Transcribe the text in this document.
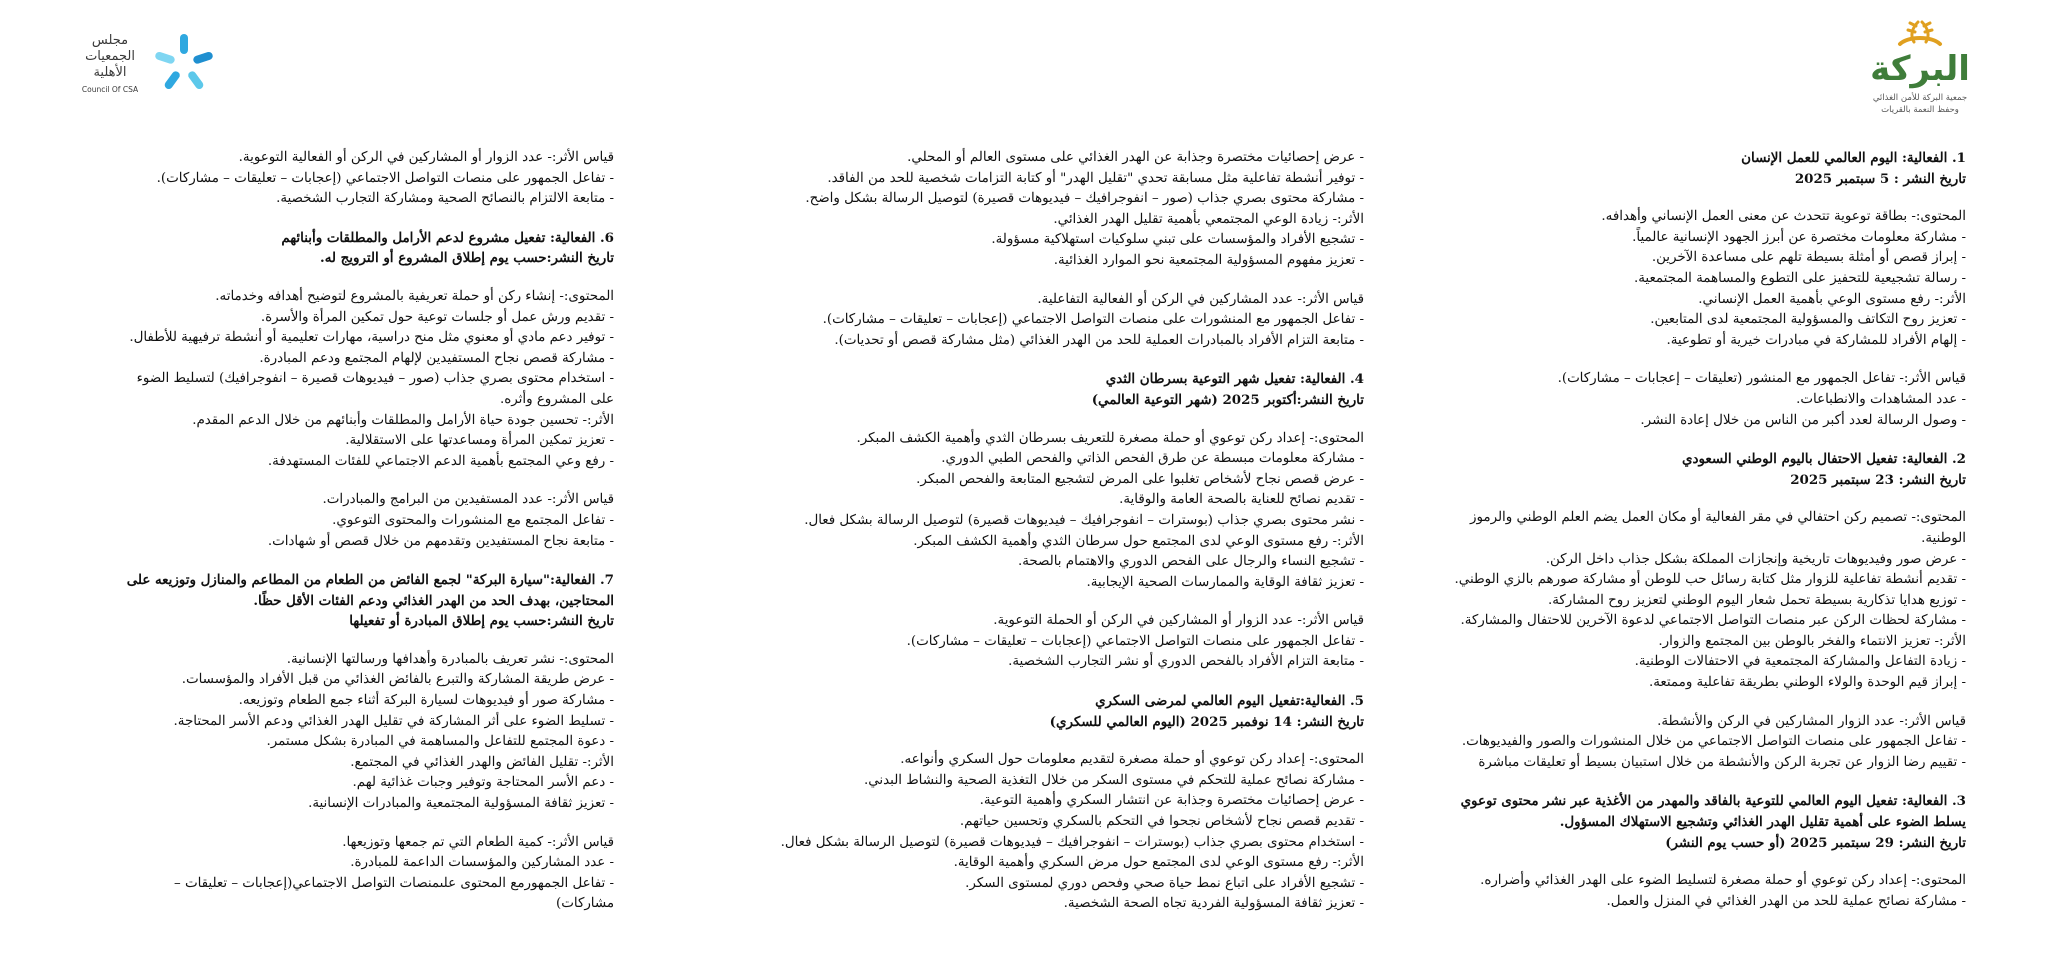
البركة
جمعية البركة للأمن الغذائي
وحفظ النعمة بالقريات
مجلس
الجمعيات
الأهلية
Council Of CSA

1. الفعالية: اليوم العالمي للعمل الإنسان

تاريخ النشر : 5 سبتمبر 2025

المحتوى:- بطاقة توعوية تتحدث عن معنى العمل الإنساني وأهدافه.

- مشاركة معلومات مختصرة عن أبرز الجهود الإنسانية عالمياً.

- إبراز قصص أو أمثلة بسيطة تلهم على مساعدة الآخرين.

- رسالة تشجيعية للتحفيز على التطوع والمساهمة المجتمعية.

الأثر:- رفع مستوى الوعي بأهمية العمل الإنساني.

- تعزيز روح التكاتف والمسؤولية المجتمعية لدى المتابعين.

- إلهام الأفراد للمشاركة في مبادرات خيرية أو تطوعية.

قياس الأثر:- تفاعل الجمهور مع المنشور (تعليقات – إعجابات – مشاركات).

- عدد المشاهدات والانطباعات.

- وصول الرسالة لعدد أكبر من الناس من خلال إعادة النشر.

2. الفعالية: تفعيل الاحتفال باليوم الوطني السعودي

تاريخ النشر: 23 سبتمبر 2025

المحتوى:- تصميم ركن احتفالي في مقر الفعالية أو مكان العمل يضم العلم الوطني والرموز الوطنية.

- عرض صور وفيديوهات تاريخية وإنجازات المملكة بشكل جذاب داخل الركن.

- تقديم أنشطة تفاعلية للزوار مثل كتابة رسائل حب للوطن أو مشاركة صورهم بالزي الوطني.

- توزيع هدايا تذكارية بسيطة تحمل شعار اليوم الوطني لتعزيز روح المشاركة.

- مشاركة لحظات الركن عبر منصات التواصل الاجتماعي لدعوة الآخرين للاحتفال والمشاركة.

الأثر:- تعزيز الانتماء والفخر بالوطن بين المجتمع والزوار.

- زيادة التفاعل والمشاركة المجتمعية في الاحتفالات الوطنية.

- إبراز قيم الوحدة والولاء الوطني بطريقة تفاعلية وممتعة.

قياس الأثر:- عدد الزوار المشاركين في الركن والأنشطة.

- تفاعل الجمهور على منصات التواصل الاجتماعي من خلال المنشورات والصور والفيديوهات.

- تقييم رضا الزوار عن تجربة الركن والأنشطة من خلال استبيان بسيط أو تعليقات مباشرة

3. الفعالية: تفعيل اليوم العالمي للتوعية بالفاقد والمهدر من الأغذية عبر نشر محتوى توعوي

يسلط الضوء على أهمية تقليل الهدر الغذائي وتشجيع الاستهلاك المسؤول.

تاريخ النشر: 29 سبتمبر 2025 (أو حسب يوم النشر)

المحتوى:- إعداد ركن توعوي أو حملة مصغرة لتسليط الضوء على الهدر الغذائي وأضراره.

- مشاركة نصائح عملية للحد من الهدر الغذائي في المنزل والعمل.

- عرض إحصائيات مختصرة وجذابة عن الهدر الغذائي على مستوى العالم أو المحلي.

- توفير أنشطة تفاعلية مثل مسابقة تحدي "تقليل الهدر" أو كتابة التزامات شخصية للحد من الفاقد.

- مشاركة محتوى بصري جذاب (صور – انفوجرافيك – فيديوهات قصيرة) لتوصيل الرسالة بشكل واضح.

الأثر:- زيادة الوعي المجتمعي بأهمية تقليل الهدر الغذائي.

- تشجيع الأفراد والمؤسسات على تبني سلوكيات استهلاكية مسؤولة.

- تعزيز مفهوم المسؤولية المجتمعية نحو الموارد الغذائية.

قياس الأثر:- عدد المشاركين في الركن أو الفعالية التفاعلية.

- تفاعل الجمهور مع المنشورات على منصات التواصل الاجتماعي (إعجابات – تعليقات – مشاركات).

- متابعة التزام الأفراد بالمبادرات العملية للحد من الهدر الغذائي (مثل مشاركة قصص أو تحديات).

4. الفعالية: تفعيل شهر التوعية بسرطان الثدي

تاريخ النشر:أكتوبر 2025 (شهر التوعية العالمي)

المحتوى:- إعداد ركن توعوي أو حملة مصغرة للتعريف بسرطان الثدي وأهمية الكشف المبكر.

- مشاركة معلومات مبسطة عن طرق الفحص الذاتي والفحص الطبي الدوري.

- عرض قصص نجاح لأشخاص تغلبوا على المرض لتشجيع المتابعة والفحص المبكر.

- تقديم نصائح للعناية بالصحة العامة والوقاية.

- نشر محتوى بصري جذاب (بوسترات – انفوجرافيك – فيديوهات قصيرة) لتوصيل الرسالة بشكل فعال.

الأثر:- رفع مستوى الوعي لدى المجتمع حول سرطان الثدي وأهمية الكشف المبكر.

- تشجيع النساء والرجال على الفحص الدوري والاهتمام بالصحة.

- تعزيز ثقافة الوقاية والممارسات الصحية الإيجابية.

قياس الأثر:- عدد الزوار أو المشاركين في الركن أو الحملة التوعوية.

- تفاعل الجمهور على منصات التواصل الاجتماعي (إعجابات – تعليقات – مشاركات).

- متابعة التزام الأفراد بالفحص الدوري أو نشر التجارب الشخصية.

5. الفعالية:تفعيل اليوم العالمي لمرضى السكري

تاريخ النشر: 14 نوفمبر 2025 (اليوم العالمي للسكري)

المحتوى:- إعداد ركن توعوي أو حملة مصغرة لتقديم معلومات حول السكري وأنواعه.

- مشاركة نصائح عملية للتحكم في مستوى السكر من خلال التغذية الصحية والنشاط البدني.

- عرض إحصائيات مختصرة وجذابة عن انتشار السكري وأهمية التوعية.

- تقديم قصص نجاح لأشخاص نجحوا في التحكم بالسكري وتحسين حياتهم.

- استخدام محتوى بصري جذاب (بوسترات – انفوجرافيك – فيديوهات قصيرة) لتوصيل الرسالة بشكل فعال.

الأثر:- رفع مستوى الوعي لدى المجتمع حول مرض السكري وأهمية الوقاية.

- تشجيع الأفراد على اتباع نمط حياة صحي وفحص دوري لمستوى السكر.

- تعزيز ثقافة المسؤولية الفردية تجاه الصحة الشخصية.

قياس الأثر:- عدد الزوار أو المشاركين في الركن أو الفعالية التوعوية.

- تفاعل الجمهور على منصات التواصل الاجتماعي (إعجابات – تعليقات – مشاركات).

- متابعة الالتزام بالنصائح الصحية ومشاركة التجارب الشخصية.

6. الفعالية: تفعيل مشروع لدعم الأرامل والمطلقات وأبنائهم

تاريخ النشر:حسب يوم إطلاق المشروع أو الترويج له.

المحتوى:- إنشاء ركن أو حملة تعريفية بالمشروع لتوضيح أهدافه وخدماته.

- تقديم ورش عمل أو جلسات توعية حول تمكين المرأة والأسرة.

- توفير دعم مادي أو معنوي مثل منح دراسية، مهارات تعليمية أو أنشطة ترفيهية للأطفال.

- مشاركة قصص نجاح المستفيدين لإلهام المجتمع ودعم المبادرة.

- استخدام محتوى بصري جذاب (صور – فيديوهات قصيرة – انفوجرافيك) لتسليط الضوء

على المشروع وأثره.

الأثر:- تحسين جودة حياة الأرامل والمطلقات وأبنائهم من خلال الدعم المقدم.

- تعزيز تمكين المرأة ومساعدتها على الاستقلالية.

- رفع وعي المجتمع بأهمية الدعم الاجتماعي للفئات المستهدفة.

قياس الأثر:- عدد المستفيدين من البرامج والمبادرات.

- تفاعل المجتمع مع المنشورات والمحتوى التوعوي.

- متابعة نجاح المستفيدين وتقدمهم من خلال قصص أو شهادات.

7. الفعالية:"سيارة البركة" لجمع الفائض من الطعام من المطاعم والمنازل وتوزيعه على

المحتاجين، بهدف الحد من الهدر الغذائي ودعم الفئات الأقل حظًا.

تاريخ النشر:حسب يوم إطلاق المبادرة أو تفعيلها

المحتوى:- نشر تعريف بالمبادرة وأهدافها ورسالتها الإنسانية.

- عرض طريقة المشاركة والتبرع بالفائض الغذائي من قبل الأفراد والمؤسسات.

- مشاركة صور أو فيديوهات لسيارة البركة أثناء جمع الطعام وتوزيعه.

- تسليط الضوء على أثر المشاركة في تقليل الهدر الغذائي ودعم الأسر المحتاجة.

- دعوة المجتمع للتفاعل والمساهمة في المبادرة بشكل مستمر.

الأثر:- تقليل الفائض والهدر الغذائي في المجتمع.

- دعم الأسر المحتاجة وتوفير وجبات غذائية لهم.

- تعزيز ثقافة المسؤولية المجتمعية والمبادرات الإنسانية.

قياس الأثر:- كمية الطعام التي تم جمعها وتوزيعها.

- عدد المشاركين والمؤسسات الداعمة للمبادرة.

- تفاعل الجمهورمع المحتوى علىمنصات التواصل الاجتماعي(إعجابات – تعليقات –

مشاركات)
